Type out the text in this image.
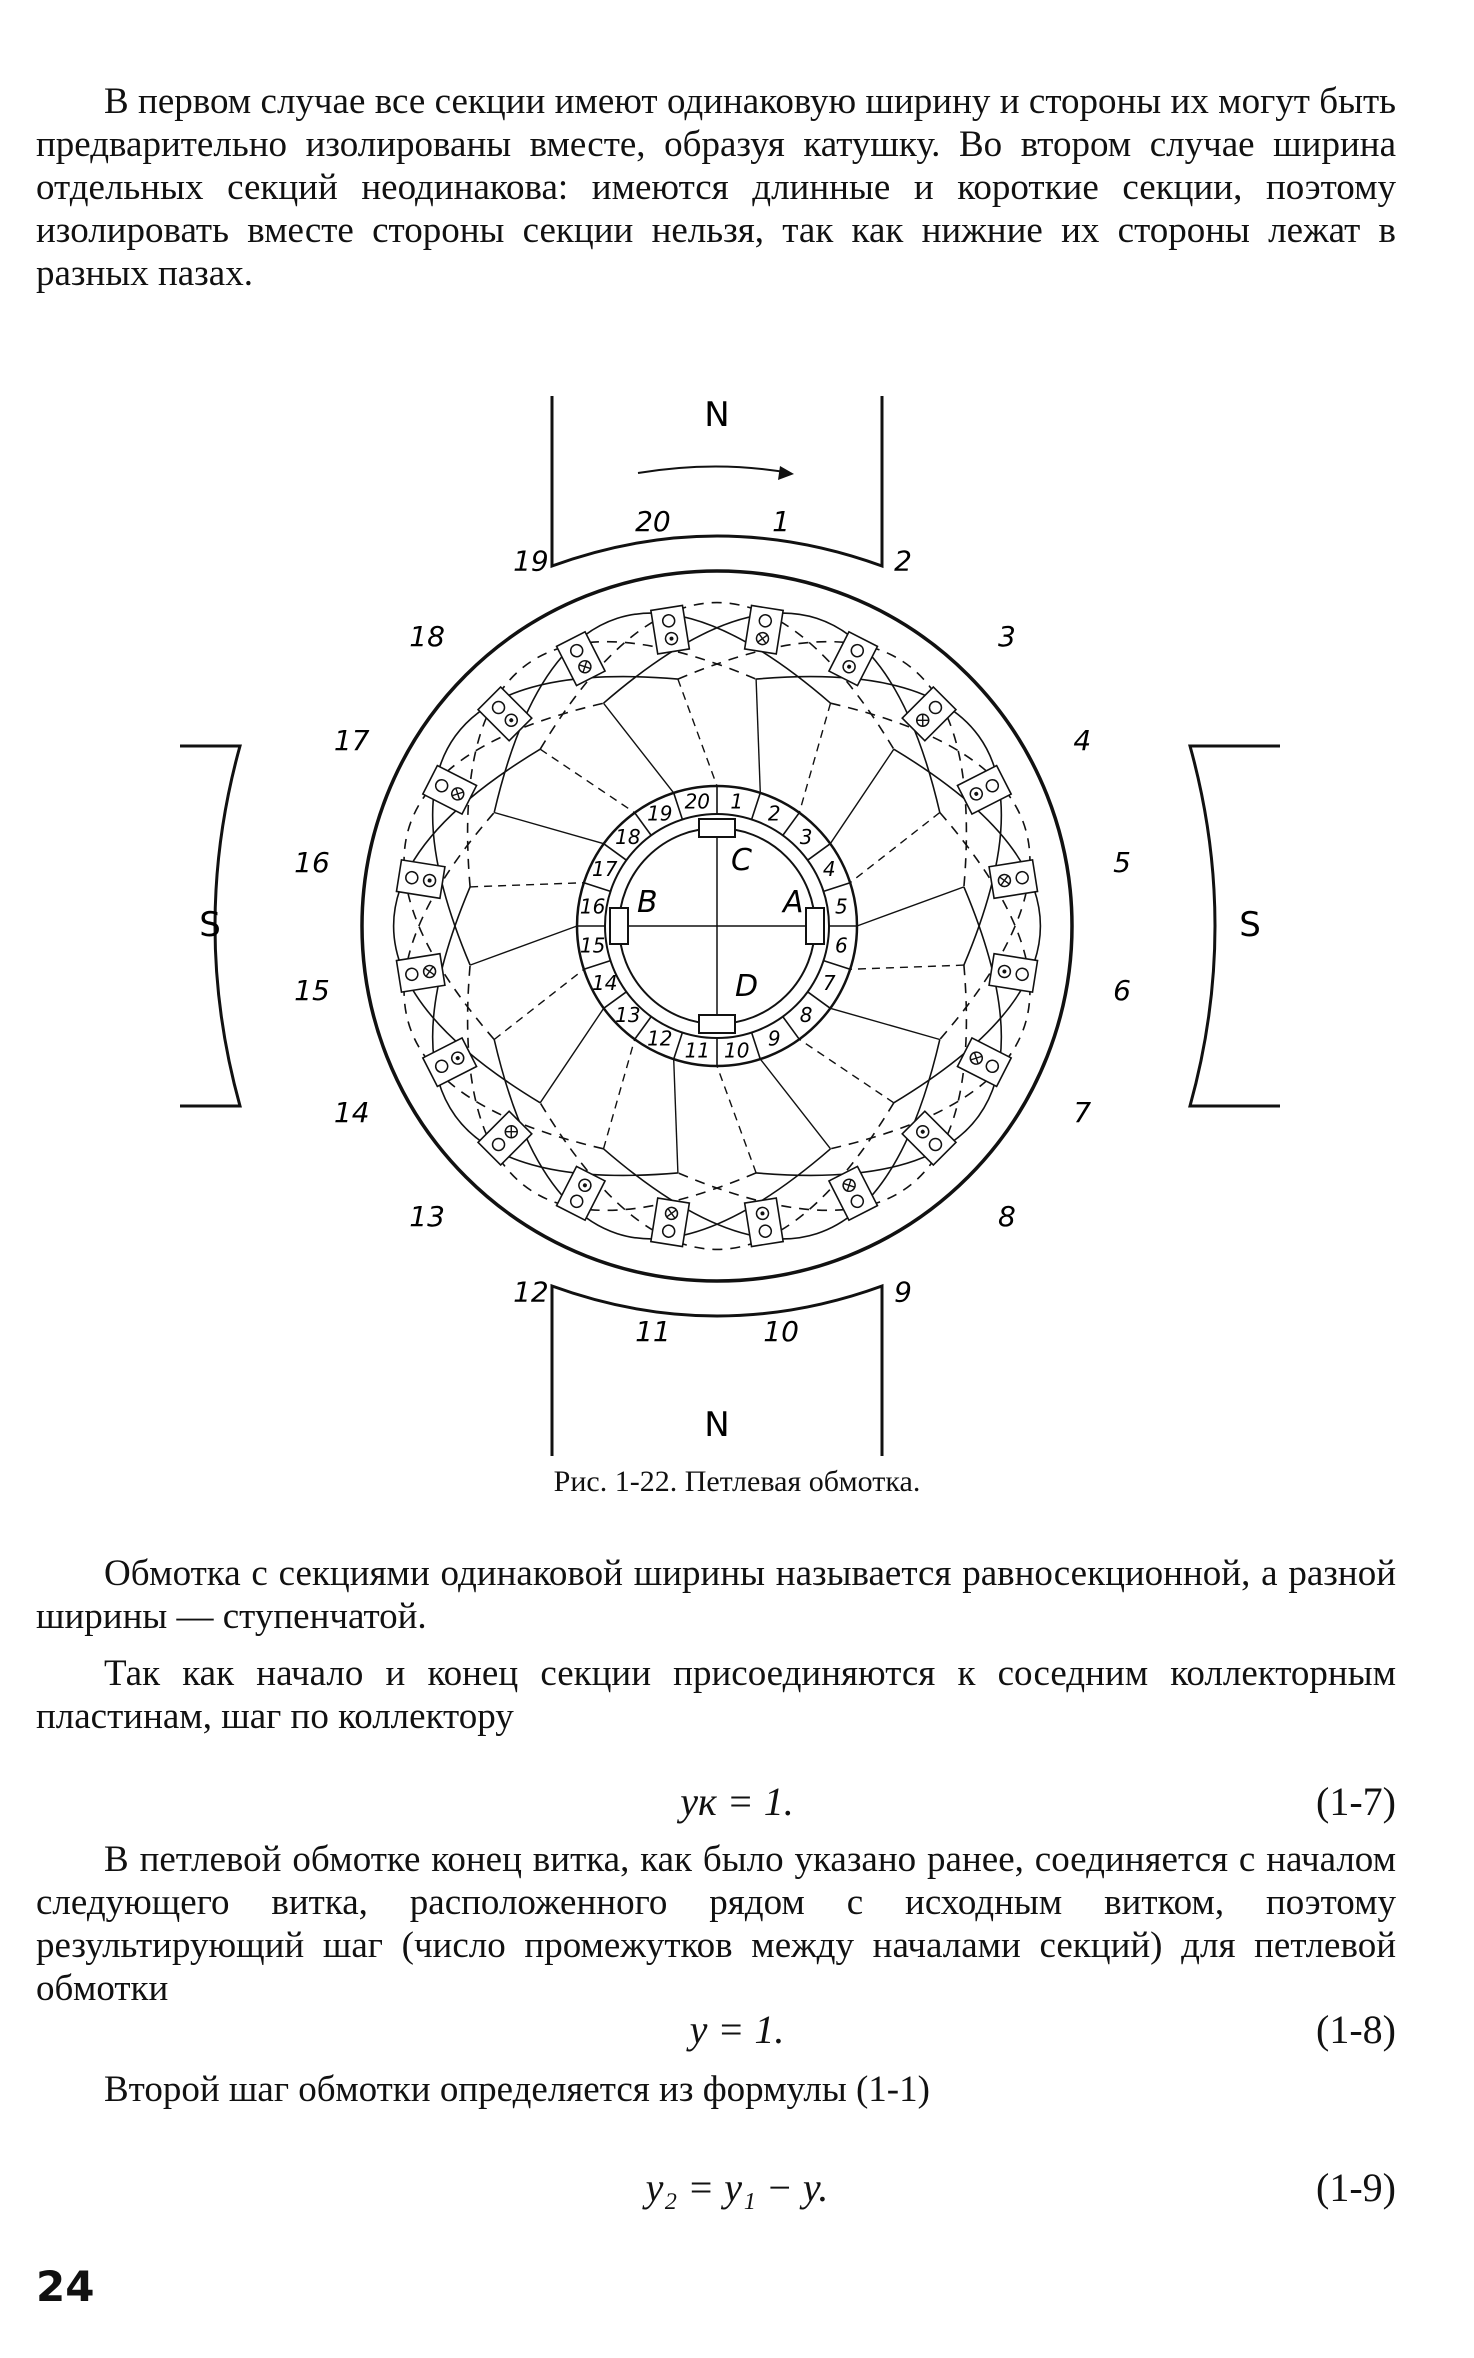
В первом случае все секции имеют одинаковую ширину и стороны их могут быть предварительно изолированы вместе, образуя катушку. Во втором случае ширина отдельных секций неодинакова: имеются длинные и короткие секции, поэтому изолировать вместе стороны секции нельзя, так как нижние их стороны лежат в разных пазах.

1
2
3
4
5
6
7
8
9
10
11
12
13
14
15
16
17
18
19
20
C
D
B	A
1
2
3
4
5
6
7
8
9
10
11
12
13
14
15
16
17
18
19
20
N
N
S	S
Рис. 1-22. Петлевая обмотка.

Обмотка с секциями одинаковой ширины называется равносекционной, а разной ширины — ступенчатой.

Так как начало и конец секции присоединяются к соседним коллекторным пластинам, шаг по коллектору

yк = 1.	(1-7)

В петлевой обмотке конец витка, как было указано ранее, соединяется с началом следующего витка, расположенного рядом с исходным витком, поэтому результирующий шаг (число промежутков между началами секций) для петлевой обмотки

y = 1.	(1-8)

Второй шаг обмотки определяется из формулы (1-1)

y₂ = y₁ − y.	(1-9)
24
